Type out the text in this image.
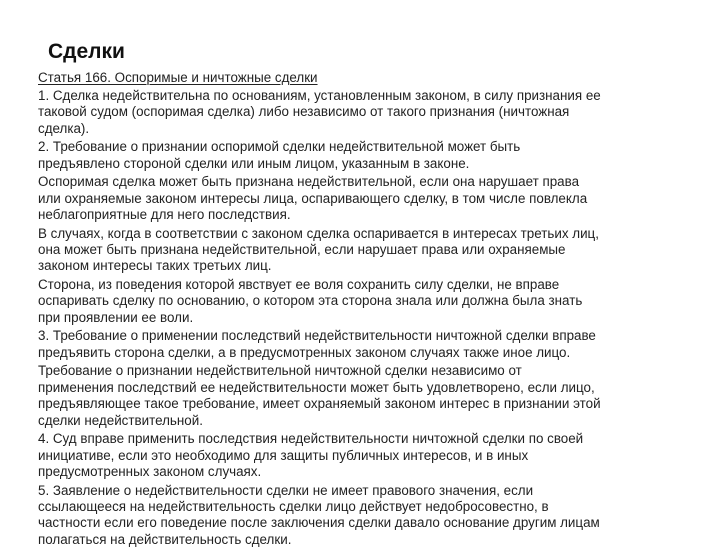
Сделки

Статья 166. Оспоримые и ничтожные сделки

1. Сделка недействительна по основаниям, установленным законом, в силу признания ее
таковой судом (оспоримая сделка) либо независимо от такого признания (ничтожная
сделка).

2. Требование о признании оспоримой сделки недействительной может быть
предъявлено стороной сделки или иным лицом, указанным в законе.

Оспоримая сделка может быть признана недействительной, если она нарушает права
или охраняемые законом интересы лица, оспаривающего сделку, в том числе повлекла
неблагоприятные для него последствия.

В случаях, когда в соответствии с законом сделка оспаривается в интересах третьих лиц,
она может быть признана недействительной, если нарушает права или охраняемые
законом интересы таких третьих лиц.

Сторона, из поведения которой явствует ее воля сохранить силу сделки, не вправе
оспаривать сделку по основанию, о котором эта сторона знала или должна была знать
при проявлении ее воли.

3. Требование о применении последствий недействительности ничтожной сделки вправе
предъявить сторона сделки, а в предусмотренных законом случаях также иное лицо.

Требование о признании недействительной ничтожной сделки независимо от
применения последствий ее недействительности может быть удовлетворено, если лицо,
предъявляющее такое требование, имеет охраняемый законом интерес в признании этой
сделки недействительной.

4. Суд вправе применить последствия недействительности ничтожной сделки по своей
инициативе, если это необходимо для защиты публичных интересов, и в иных
предусмотренных законом случаях.

5. Заявление о недействительности сделки не имеет правового значения, если
ссылающееся на недействительность сделки лицо действует недобросовестно, в
частности если его поведение после заключения сделки давало основание другим лицам
полагаться на действительность сделки.
